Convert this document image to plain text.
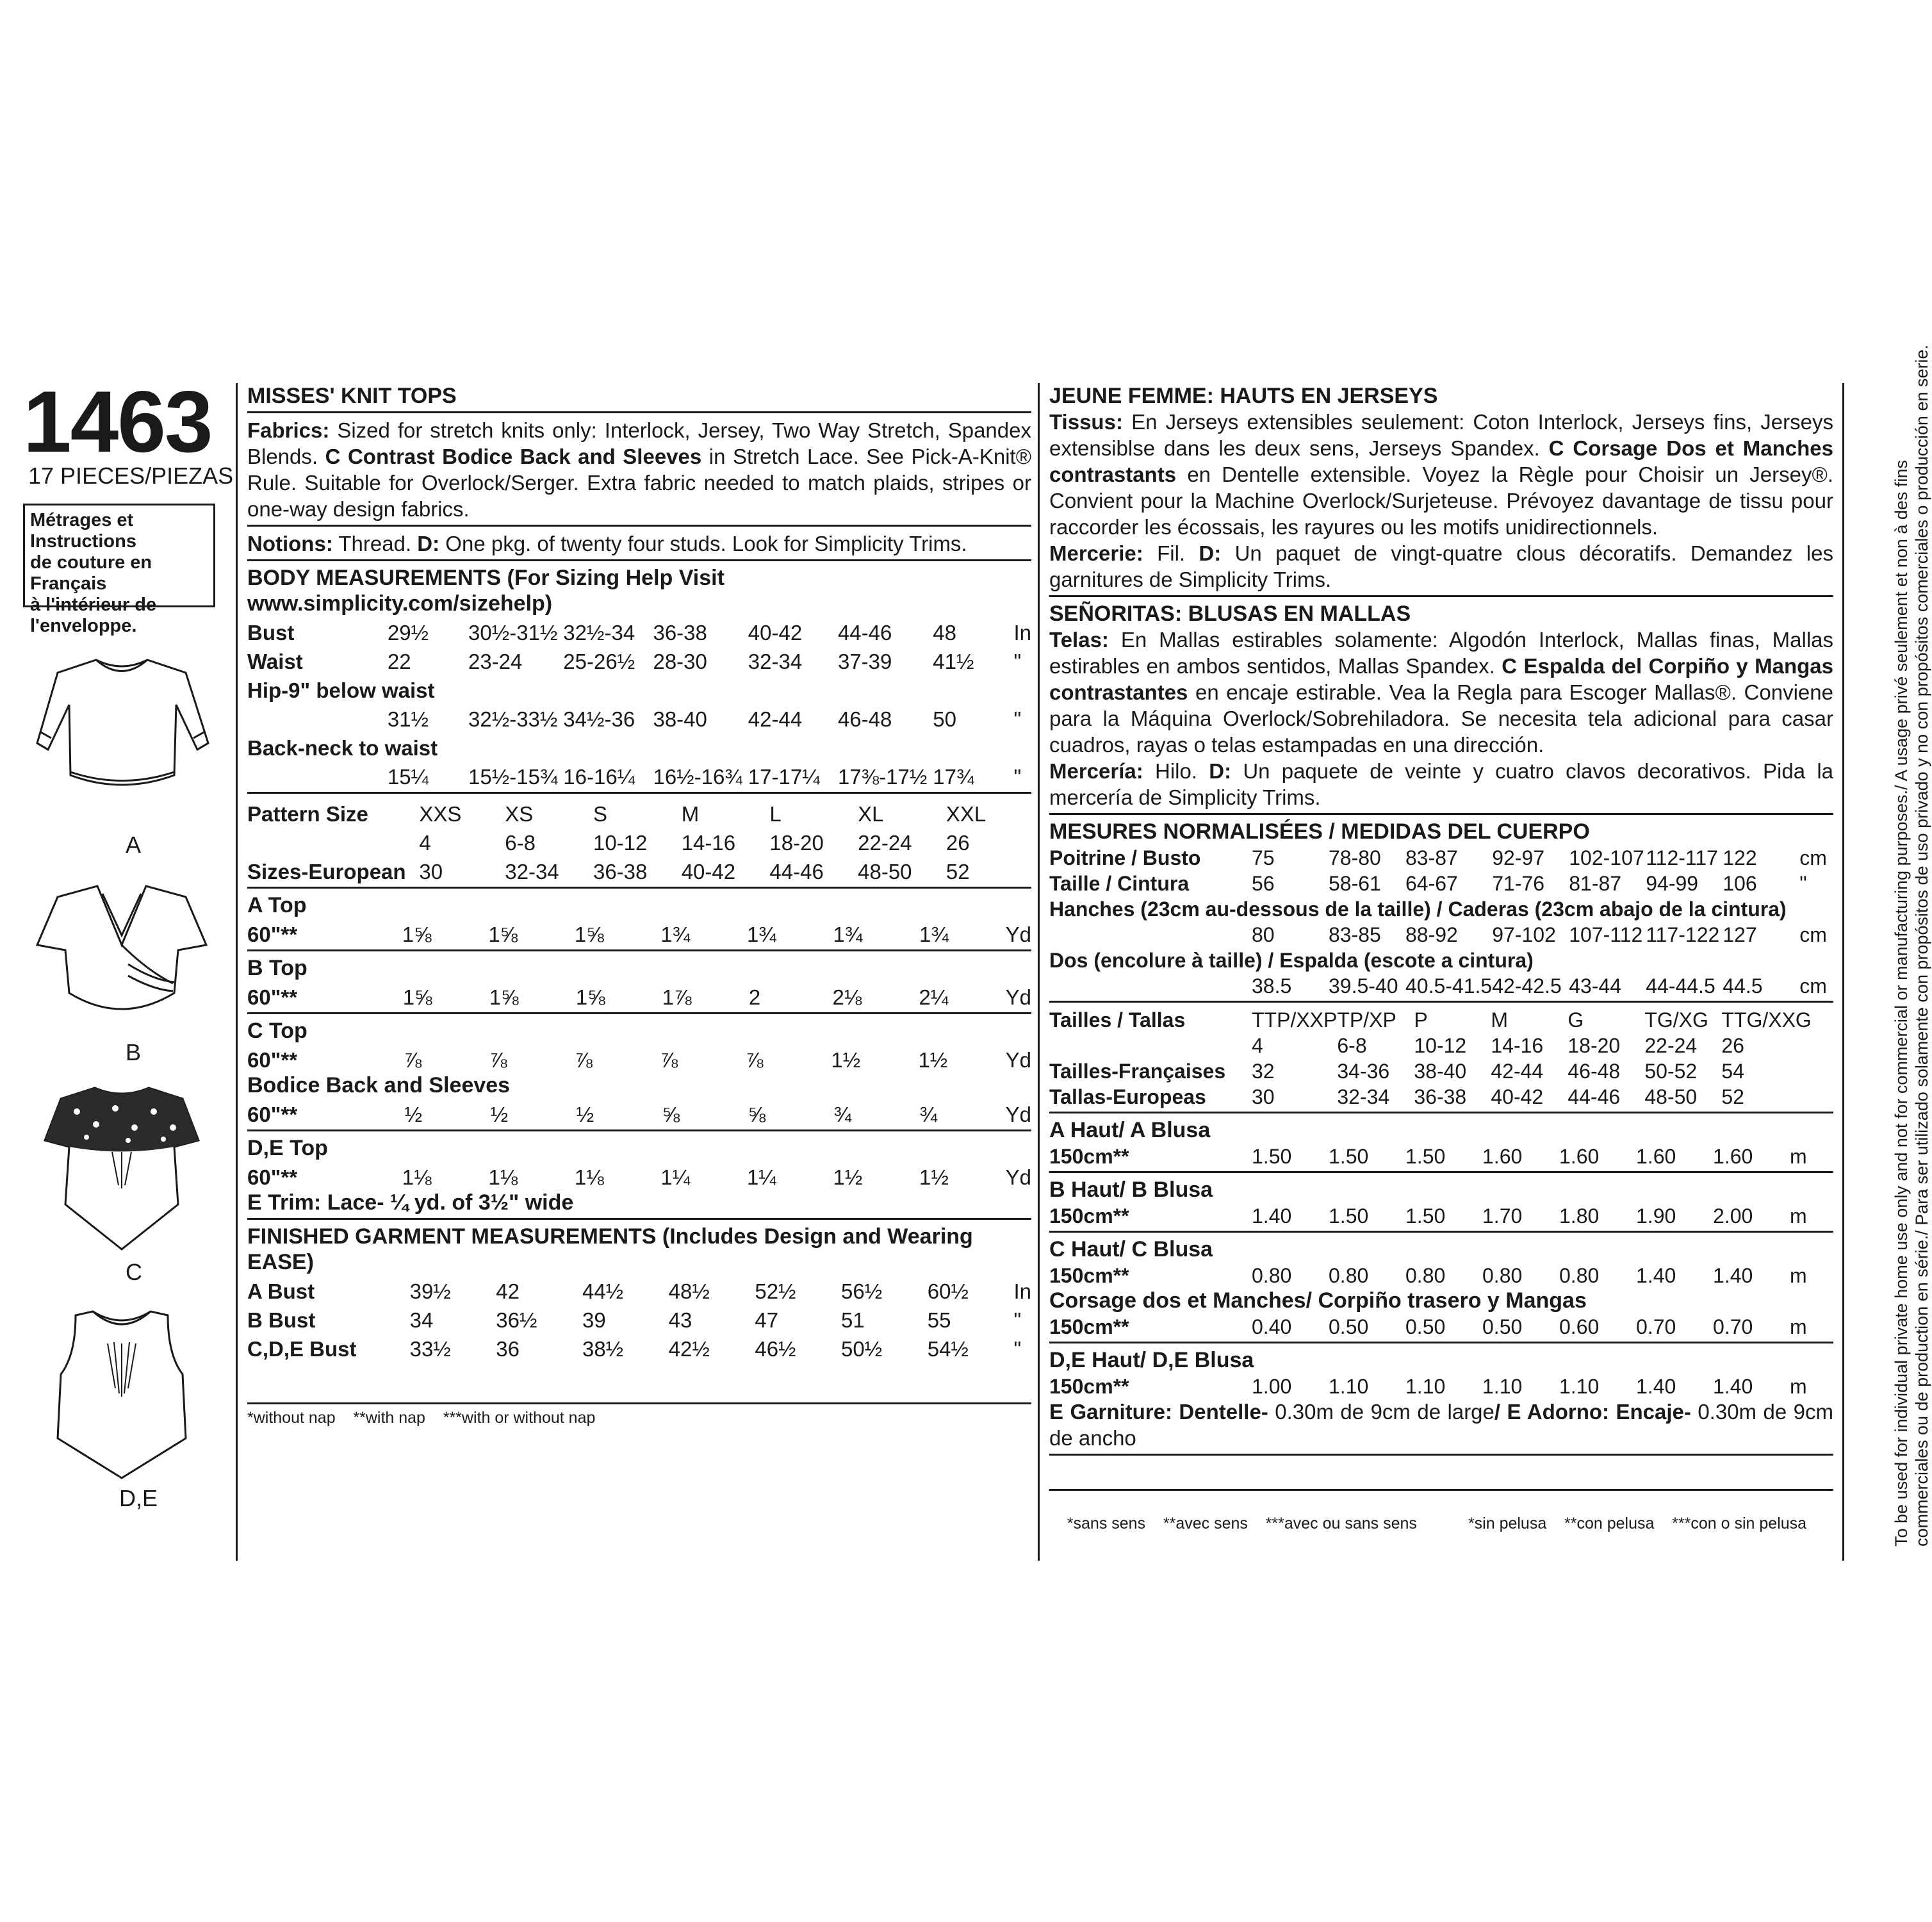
1463
17 PIECES/PIEZAS
Métrages et Instructions
de couture en Français
à l'intérieur de
l'enveloppe.
A
B
C
D,E
MISSES' KNIT TOPS
Fabrics: Sized for stretch knits only: Interlock, Jersey, Two Way Stretch, Spandex Blends. C Contrast Bodice Back and Sleeves in Stretch Lace. See Pick-A-Knit® Rule. Suitable for Overlock/Serger. Extra fabric needed to match plaids, stripes or one-way design fabrics.
Notions: Thread. D: One pkg. of twenty four studs. Look for Simplicity Trims.
BODY MEASUREMENTS (For Sizing Help Visit www.simplicity.com/sizehelp)
Bust	29½	30½-31½	32½-34	36-38	40-42	44-46	48	In
Waist	22	23-24	25-26½	28-30	32-34	37-39	41½	"
Hip-9" below waist								
	31½	32½-33½	34½-36	38-40	42-44	46-48	50	"
Back-neck to waist								
	15¼	15½-15¾	16-16¼	16½-16¾	17-17¼	17⅜-17½	17¾	"
Pattern Size	XXS	XS	S	M	L	XL	XXL	
	4	6-8	10-12	14-16	18-20	22-24	26	
Sizes-European	30	32-34	36-38	40-42	44-46	48-50	52	
A Top
60"**	1⅝	1⅝	1⅝	1¾	1¾	1¾	1¾	Yd
B Top
60"**	1⅝	1⅝	1⅝	1⅞	2	2⅛	2¼	Yd
C Top
60"**	⅞	⅞	⅞	⅞	⅞	1½	1½	Yd
Bodice Back and Sleeves
60"**	½	½	½	⅝	⅝	¾	¾	Yd
D,E Top
60"**	1⅛	1⅛	1⅛	1¼	1¼	1½	1½	Yd
E Trim: Lace- ¼ yd. of 3½" wide
FINISHED GARMENT MEASUREMENTS (Includes Design and Wearing EASE)
A Bust	39½	42	44½	48½	52½	56½	60½	In
B Bust	34	36½	39	43	47	51	55	"
C,D,E Bust	33½	36	38½	42½	46½	50½	54½	"
*without nap    **with nap    ***with or without nap
JEUNE FEMME: HAUTS EN JERSEYS
Tissus: En Jerseys extensibles seulement: Coton Interlock, Jerseys fins, Jerseys extensiblse dans les deux sens, Jerseys Spandex. C Corsage Dos et Manches contrastants en Dentelle extensible. Voyez la Règle pour Choisir un Jersey®. Convient pour la Machine Overlock/Surjeteuse. Prévoyez davantage de tissu pour raccorder les écossais, les rayures ou les motifs unidirectionnels.
Mercerie: Fil. D: Un paquet de vingt-quatre clous décoratifs. Demandez les garnitures de Simplicity Trims.
SEÑORITAS: BLUSAS EN MALLAS
Telas: En Mallas estirables solamente: Algodón Interlock, Mallas finas, Mallas estirables en ambos sentidos, Mallas Spandex. C Espalda del Corpiño y Mangas contrastantes en encaje estirable. Vea la Regla para Escoger Mallas®. Conviene para la Máquina Overlock/Sobrehiladora. Se necesita tela adicional para casar cuadros, rayas o telas estampadas en una dirección.
Mercería: Hilo. D: Un paquete de veinte y cuatro clavos decorativos. Pida la mercería de Simplicity Trims.
MESURES NORMALISÉES / MEDIDAS DEL CUERPO
Poitrine / Busto	75	78-80	83-87	92-97	102-107	112-117	122	cm
Taille / Cintura	56	58-61	64-67	71-76	81-87	94-99	106	"
Hanches (23cm au-dessous de la taille) / Caderas (23cm abajo de la cintura)								
	80	83-85	88-92	97-102	107-112	117-122	127	cm
Dos (encolure à taille) / Espalda (escote a cintura)								
	38.5	39.5-40	40.5-41.5	42-42.5	43-44	44-44.5	44.5	cm
Tailles / Tallas	TTP/XXP	TP/XP	P	M	G	TG/XG	TTG/XXG	
	4	6-8	10-12	14-16	18-20	22-24	26	
Tailles-Françaises	32	34-36	38-40	42-44	46-48	50-52	54	
Tallas-Europeas	30	32-34	36-38	40-42	44-46	48-50	52	
A Haut/ A Blusa
150cm**	1.50	1.50	1.50	1.60	1.60	1.60	1.60	m
B Haut/ B Blusa
150cm**	1.40	1.50	1.50	1.70	1.80	1.90	2.00	m
C Haut/ C Blusa
150cm**	0.80	0.80	0.80	0.80	0.80	1.40	1.40	m
Corsage dos et Manches/ Corpiño trasero y Mangas
150cm**	0.40	0.50	0.50	0.50	0.60	0.70	0.70	m
D,E Haut/ D,E Blusa
150cm**	1.00	1.10	1.10	1.10	1.10	1.40	1.40	m
E Garniture: Dentelle- 0.30m de 9cm de large/ E Adorno: Encaje- 0.30m de 9cm de ancho

*sans sens    **avec sens    ***avec ou sans sens	*sin pelusa    **con pelusa    ***con o sin pelusa
	To be used for individual private home use only and not for commercial or manufacturing purposes./ A usage privé seulement et non à des fins commerciales ou de production en série./ Para ser utilizado solamente con propósitos de uso privado y no con propósitos comerciales o producción en serie.
